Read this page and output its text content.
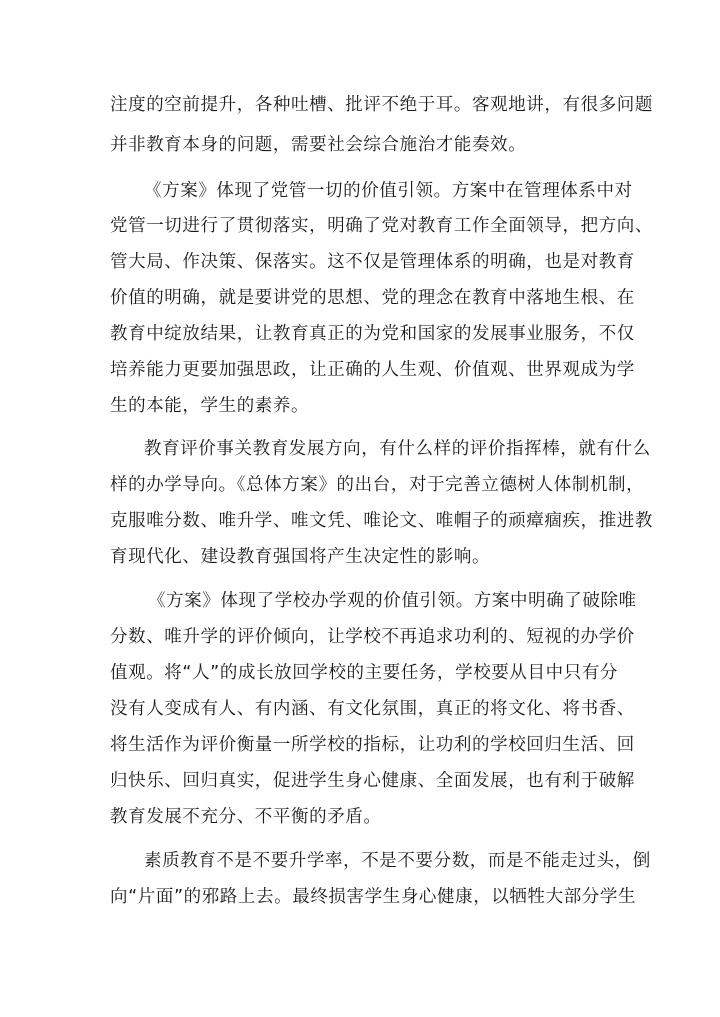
注度的空前提升，各种吐槽、批评不绝于耳。客观地讲，有很多问题
并非教育本身的问题，需要社会综合施治才能奏效。
《方案》体现了党管一切的价值引领。方案中在管理体系中对
党管一切进行了贯彻落实，明确了党对教育工作全面领导，把方向、
管大局、作决策、保落实。这不仅是管理体系的明确，也是对教育
价值的明确，就是要讲党的思想、党的理念在教育中落地生根、在
教育中绽放结果，让教育真正的为党和国家的发展事业服务，不仅
培养能力更要加强思政，让正确的人生观、价值观、世界观成为学
生的本能，学生的素养。
教育评价事关教育发展方向，有什么样的评价指挥棒，就有什么
样的办学导向。《总体方案》的出台，对于完善立德树人体制机制，
克服唯分数、唯升学、唯文凭、唯论文、唯帽子的顽瘴痼疾，推进教
育现代化、建设教育强国将产生决定性的影响。
《方案》体现了学校办学观的价值引领。方案中明确了破除唯
分数、唯升学的评价倾向，让学校不再追求功利的、短视的办学价
值观。将“人”的成长放回学校的主要任务，学校要从目中只有分
没有人变成有人、有内涵、有文化氛围，真正的将文化、将书香、
将生活作为评价衡量一所学校的指标，让功利的学校回归生活、回
归快乐、回归真实，促进学生身心健康、全面发展，也有利于破解
教育发展不充分、不平衡的矛盾。
素质教育不是不要升学率，不是不要分数，而是不能走过头，倒
向“片面”的邪路上去。最终损害学生身心健康，以牺牲大部分学生
